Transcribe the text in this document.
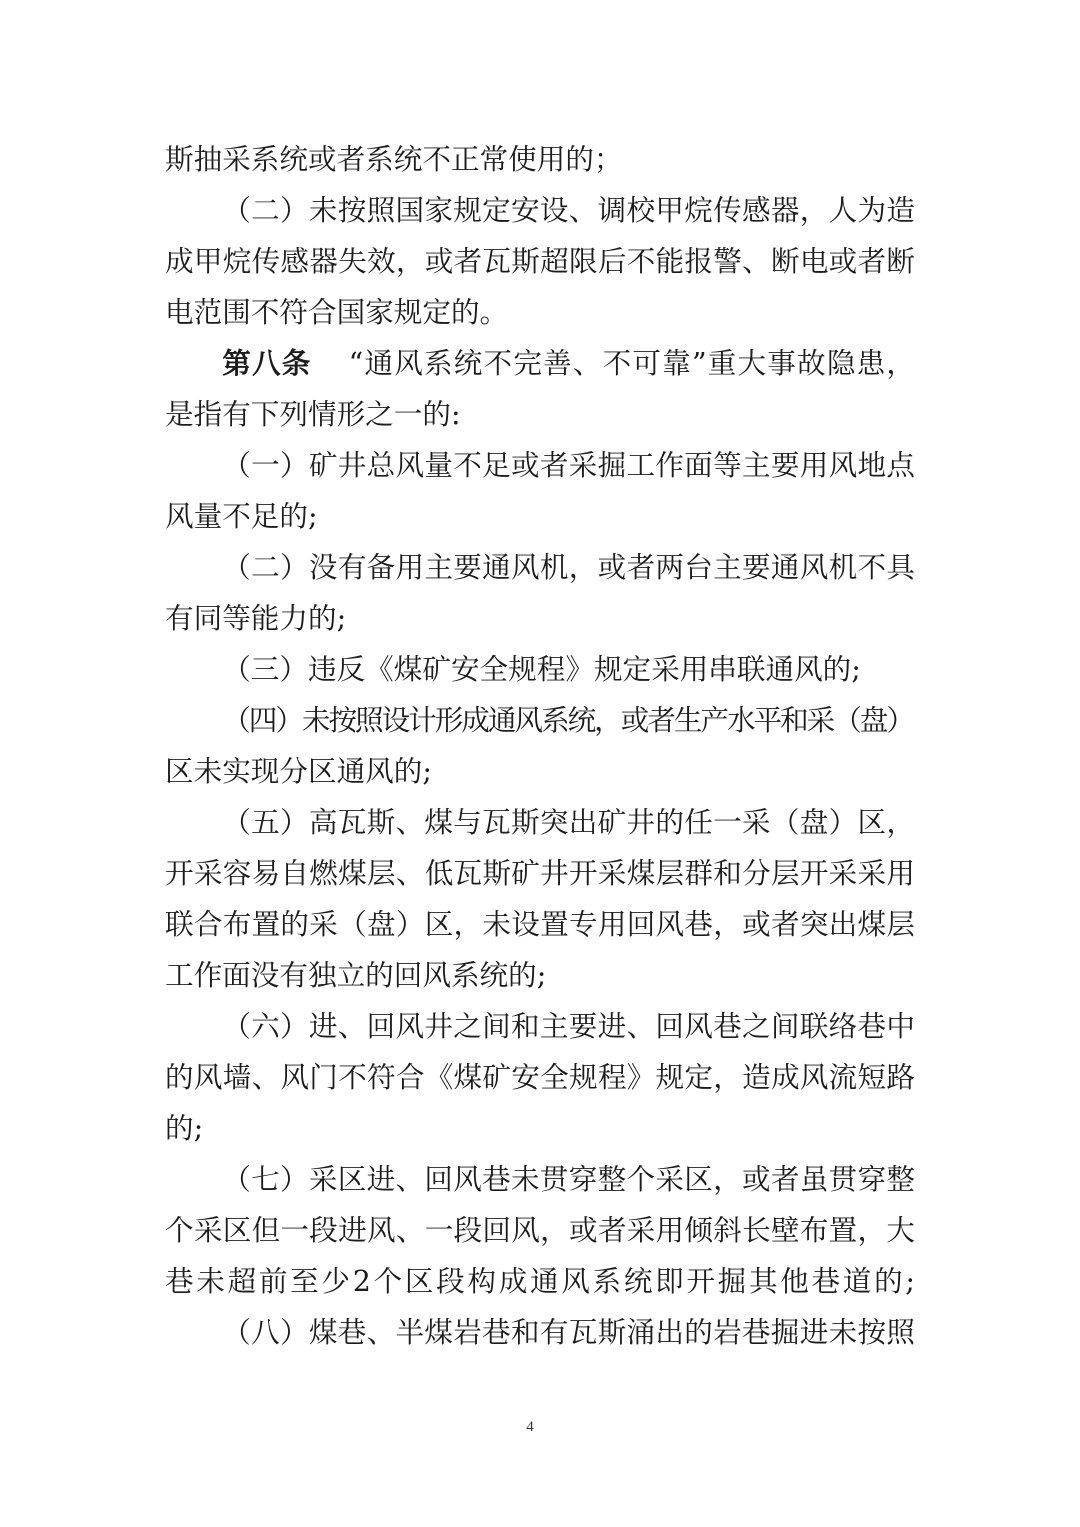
斯抽采系统或者系统不正常使用的；
（二）未按照国家规定安设、调校甲烷传感器，人为造
成甲烷传感器失效，或者瓦斯超限后不能报警、断电或者断
电范围不符合国家规定的。
第八条 “通风系统不完善、不可靠”重大事故隐患，
是指有下列情形之一的:
（一）矿井总风量不足或者采掘工作面等主要用风地点
风量不足的;
（二）没有备用主要通风机，或者两台主要通风机不具
有同等能力的;
（三）违反《煤矿安全规程》规定采用串联通风的;
（四）未按照设计形成通风系统，或者生产水平和采（盘）
区未实现分区通风的;
（五）高瓦斯、煤与瓦斯突出矿井的任一采（盘）区，
开采容易自燃煤层、低瓦斯矿井开采煤层群和分层开采采用
联合布置的采（盘）区，未设置专用回风巷，或者突出煤层
工作面没有独立的回风系统的;
（六）进、回风井之间和主要进、回风巷之间联络巷中
的风墙、风门不符合《煤矿安全规程》规定，造成风流短路
的;
（七）采区进、回风巷未贯穿整个采区，或者虽贯穿整
个采区但一段进风、一段回风，或者采用倾斜长壁布置，大
巷未超前至少2个区段构成通风系统即开掘其他巷道的;
（八）煤巷、半煤岩巷和有瓦斯涌出的岩巷掘进未按照
4
